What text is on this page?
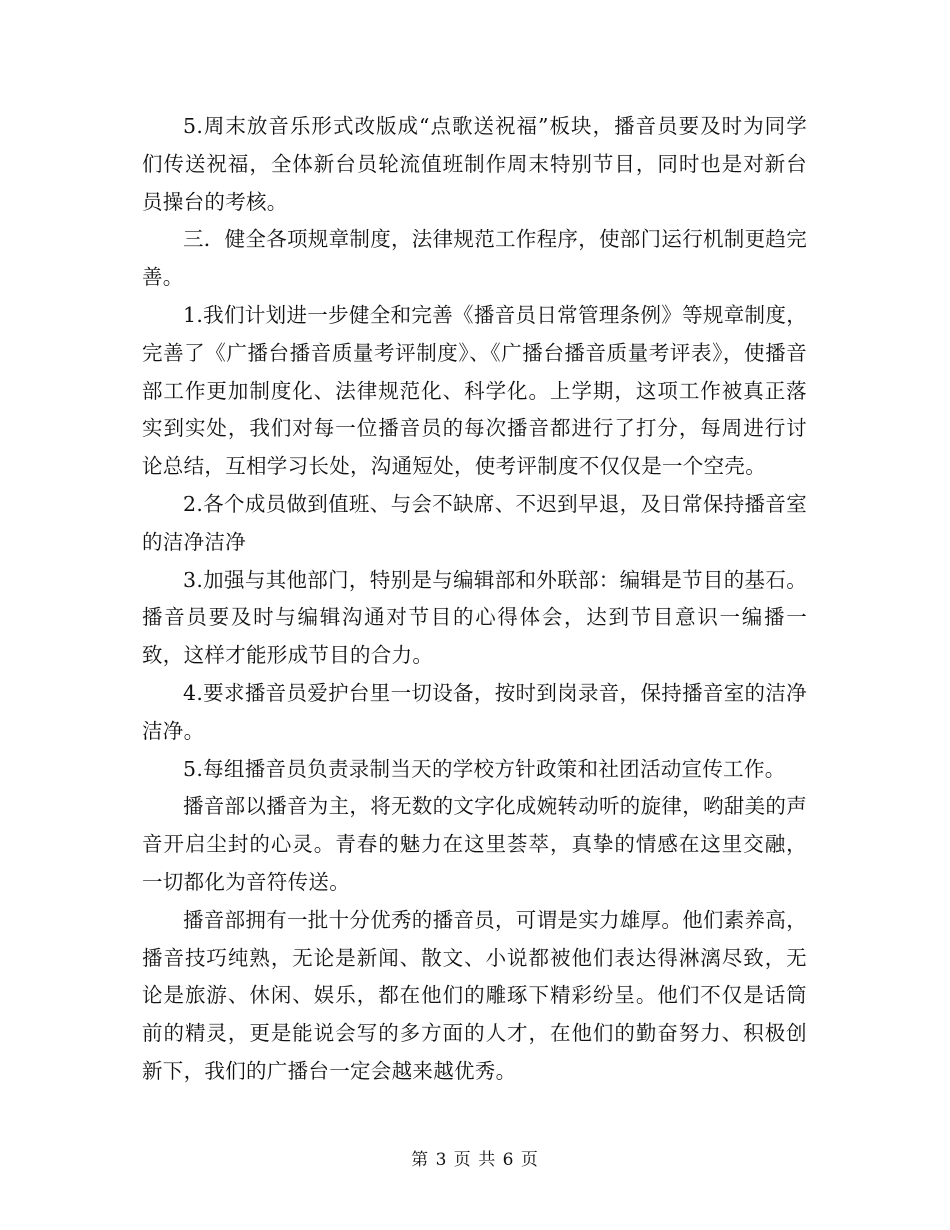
5.周末放音乐形式改版成“点歌送祝福”板块，播音员要及时为同学们传送祝福，全体新台员轮流值班制作周末特别节目，同时也是对新台员操台的考核。

三．健全各项规章制度，法律规范工作程序，使部门运行机制更趋完善。

1.我们计划进一步健全和完善《播音员日常管理条例》等规章制度，完善了《广播台播音质量考评制度》、《广播台播音质量考评表》，使播音部工作更加制度化、法律规范化、科学化。上学期，这项工作被真正落实到实处，我们对每一位播音员的每次播音都进行了打分，每周进行讨论总结，互相学习长处，沟通短处，使考评制度不仅仅是一个空壳。

2.各个成员做到值班、与会不缺席、不迟到早退，及日常保持播音室的洁净洁净

3.加强与其他部门，特别是与编辑部和外联部：编辑是节目的基石。播音员要及时与编辑沟通对节目的心得体会，达到节目意识一编播一致，这样才能形成节目的合力。

4.要求播音员爱护台里一切设备，按时到岗录音，保持播音室的洁净洁净。

5.每组播音员负责录制当天的学校方针政策和社团活动宣传工作。

播音部以播音为主，将无数的文字化成婉转动听的旋律，哟甜美的声音开启尘封的心灵。青春的魅力在这里荟萃，真挚的情感在这里交融，一切都化为音符传送。

播音部拥有一批十分优秀的播音员，可谓是实力雄厚。他们素养高，播音技巧纯熟，无论是新闻、散文、小说都被他们表达得淋漓尽致，无论是旅游、休闲、娱乐，都在他们的雕琢下精彩纷呈。他们不仅是话筒前的精灵，更是能说会写的多方面的人才，在他们的勤奋努力、积极创新下，我们的广播台一定会越来越优秀。

第 3 页 共 6 页
